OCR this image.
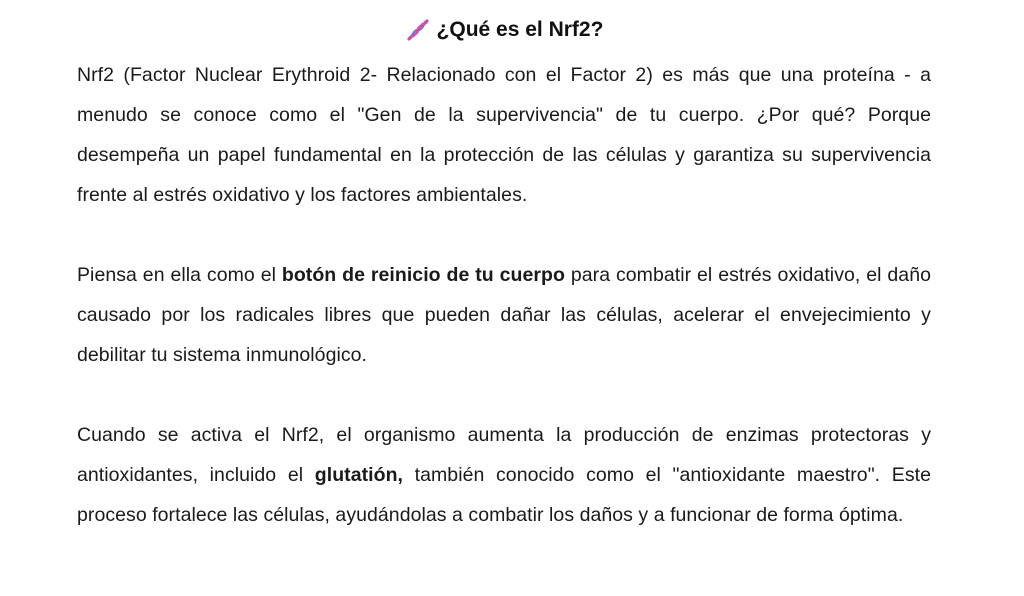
¿Qué es el Nrf2?

Nrf2 (Factor Nuclear Erythroid 2- Relacionado con el Factor 2) es más que una proteína - a menudo se conoce como el "Gen de la supervivencia" de tu cuerpo. ¿Por qué? Porque desempeña un papel fundamental en la protección de las células y garantiza su supervivencia frente al estrés oxidativo y los factores ambientales.

Piensa en ella como el botón de reinicio de tu cuerpo para combatir el estrés oxidativo, el daño causado por los radicales libres que pueden dañar las células, acelerar el envejecimiento y debilitar tu sistema inmunológico.

Cuando se activa el Nrf2, el organismo aumenta la producción de enzimas protectoras y antioxidantes, incluido el glutatión, también conocido como el "antioxidante maestro". Este proceso fortalece las células, ayudándolas a combatir los daños y a funcionar de forma óptima.
